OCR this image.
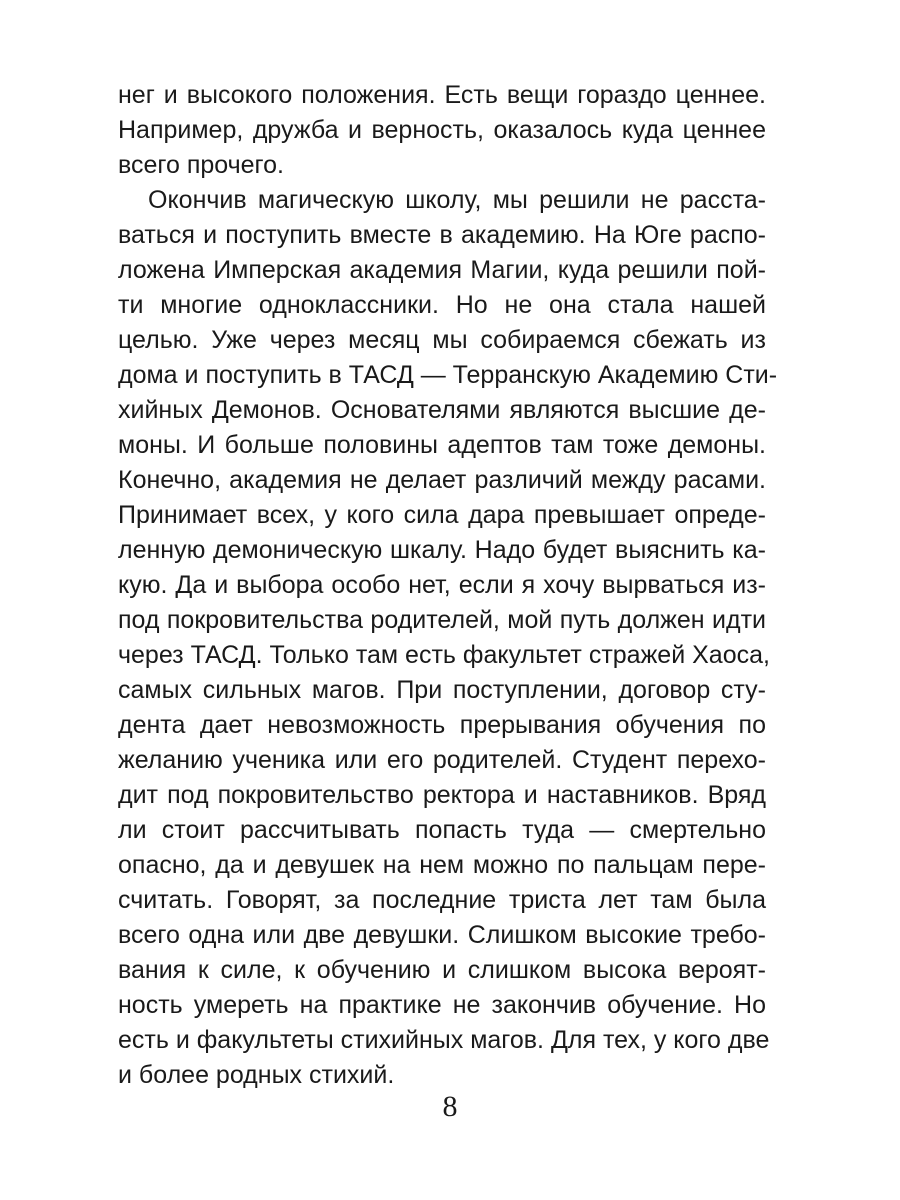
нег и высокого положения. Есть вещи гораздо ценнее.
Например, дружба и верность, оказалось куда ценнее
всего прочего.
Окончив магическую школу, мы решили не расста-
ваться и поступить вместе в академию. На Юге распо-
ложена Имперская академия Магии, куда решили пой-
ти многие одноклассники. Но не она стала нашей
целью. Уже через месяц мы собираемся сбежать из
дома и поступить в ТАСД — Терранскую Академию Сти-
хийных Демонов. Основателями являются высшие де-
моны. И больше половины адептов там тоже демоны.
Конечно, академия не делает различий между расами.
Принимает всех, у кого сила дара превышает опреде-
ленную демоническую шкалу. Надо будет выяснить ка-
кую. Да и выбора особо нет, если я хочу вырваться из-
под покровительства родителей, мой путь должен идти
через ТАСД. Только там есть факультет стражей Хаоса,
самых сильных магов. При поступлении, договор сту-
дента дает невозможность прерывания обучения по
желанию ученика или его родителей. Студент перехо-
дит под покровительство ректора и наставников. Вряд
ли стоит рассчитывать попасть туда — смертельно
опасно, да и девушек на нем можно по пальцам пере-
считать. Говорят, за последние триста лет там была
всего одна или две девушки. Слишком высокие требо-
вания к силе, к обучению и слишком высока вероят-
ность умереть на практике не закончив обучение. Но
есть и факультеты стихийных магов. Для тех, у кого две
и более родных стихий.
8
